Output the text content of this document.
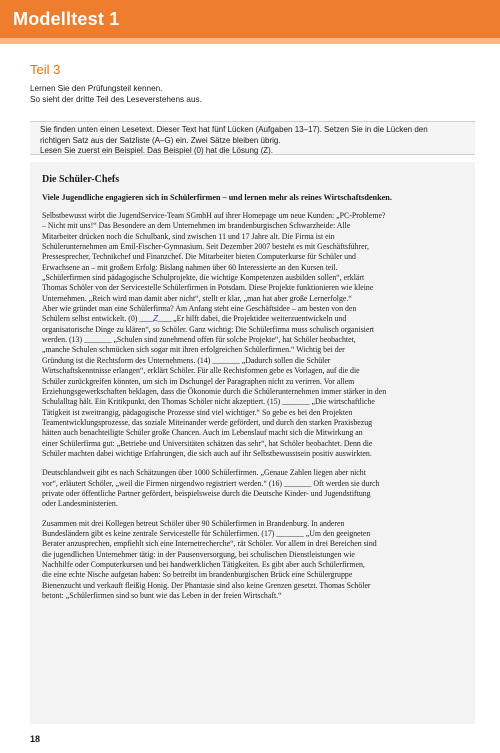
Modelltest 1
Teil 3
Lernen Sie den Prüfungsteil kennen.
So sieht der dritte Teil des Leseverstehens aus.
Sie finden unten einen Lesetext. Dieser Text hat fünf Lücken (Aufgaben 13–17). Setzen Sie in die Lücken den
richtigen Satz aus der Satzliste (A–G) ein. Zwei Sätze bleiben übrig.
Lesen Sie zuerst ein Beispiel. Das Beispiel (0) hat die Lösung (Z).
Die Schüler-Chefs
Viele Jugendliche engagieren sich in Schülerfirmen – und lernen mehr als reines Wirtschaftsdenken.
Selbstbewusst wirbt die JugendService-Team SGmbH auf ihrer Homepage um neue Kunden: „PC-Probleme?
– Nicht mit uns!“ Das Besondere an dem Unternehmen im brandenburgischen Schwarzheide: Alle
Mitarbeiter drücken noch die Schulbank, sind zwischen 11 und 17 Jahre alt. Die Firma ist ein
Schülerunternehmen am Emil-Fischer-Gymnasium. Seit Dezember 2007 besteht es mit Geschäftsführer,
Pressesprecher, Technikchef und Finanzchef. Die Mitarbeiter bieten Computerkurse für Schüler und
Erwachsene an – mit großem Erfolg: Bislang nahmen über 60 Interessierte an den Kursen teil.
„Schülerfirmen sind pädagogische Schulprojekte, die wichtige Kompetenzen ausbilden sollen“, erklärt
Thomas Schöler von der Servicestelle Schülerfirmen in Potsdam. Diese Projekte funktionieren wie kleine
Unternehmen. „Reich wird man damit aber nicht“, stellt er klar, „man hat aber große Lernerfolge.“
Aber wie gründet man eine Schülerfirma? Am Anfang steht eine Geschäftsidee – am besten von den
Schülern selbst entwickelt. (0) ____Z____ „Er hilft dabei, die Projektidee weiterzuentwickeln und
organisatorische Dinge zu klären“, so Schöler. Ganz wichtig: Die Schülerfirma muss schulisch organisiert
werden. (13) _______ „Schulen sind zunehmend offen für solche Projekte“, hat Schöler beobachtet,
„manche Schulen schmücken sich sogar mit ihren erfolgreichen Schülerfirmen.“ Wichtig bei der
Gründung ist die Rechtsform des Unternehmens. (14) _______ „Dadurch sollen die Schüler
Wirtschaftskenntnisse erlangen“, erklärt Schöler. Für alle Rechtsformen gebe es Vorlagen, auf die die
Schüler zurückgreifen könnten, um sich im Dschungel der Paragraphen nicht zu verirren. Vor allem
Erziehungsgewerkschaften beklagen, dass die Ökonomie durch die Schülerunternehmen immer stärker in den
Schulalltag hält. Ein Kritikpunkt, den Thomas Schöler nicht akzeptiert. (15) _______ „Die wirtschaftliche
Tätigkeit ist zweitrangig, pädagogische Prozesse sind viel wichtiger.“ So gebe es bei den Projekten
Teamentwicklungsprozesse, das soziale Miteinander werde gefördert, und durch den starken Praxisbezug
hätten auch benachteiligte Schüler große Chancen. Auch im Lebenslauf macht sich die Mitwirkung an
einer Schülerfirma gut: „Betriebe und Universitäten schätzen das sehr“, hat Schöler beobachtet. Denn die
Schüler machten dabei wichtige Erfahrungen, die sich auch auf ihr Selbstbewusstsein positiv auswirkten.
Deutschlandweit gibt es nach Schätzungen über 1000 Schülerfirmen. „Genaue Zahlen liegen aber nicht
vor“, erläutert Schöler, „weil die Firmen nirgendwo registriert werden.“ (16) _______ Oft werden sie durch
private oder öffentliche Partner gefördert, beispielsweise durch die Deutsche Kinder- und Jugendstiftung
oder Landesministerien.
Zusammen mit drei Kollegen betreut Schöler über 90 Schülerfirmen in Brandenburg. In anderen
Bundesländern gibt es keine zentrale Servicestelle für Schülerfirmen. (17) _______ „Um den geeigneten
Berater anzusprechen, empfiehlt sich eine Internetrecherche“, rät Schöler. Vor allem in drei Bereichen sind
die jugendlichen Unternehmer tätig: in der Pausenversorgung, bei schulischen Dienstleistungen wie
Nachhilfe oder Computerkursen und bei handwerklichen Tätigkeiten. Es gibt aber auch Schülerfirmen,
die eine echte Nische aufgetan haben: So betreibt im brandenburgischen Brück eine Schülergruppe
Bienenzucht und verkauft fleißig Honig. Der Phantasie sind also keine Grenzen gesetzt. Thomas Schöler
betont: „Schülerfirmen sind so bunt wie das Leben in der freien Wirtschaft.“
18
